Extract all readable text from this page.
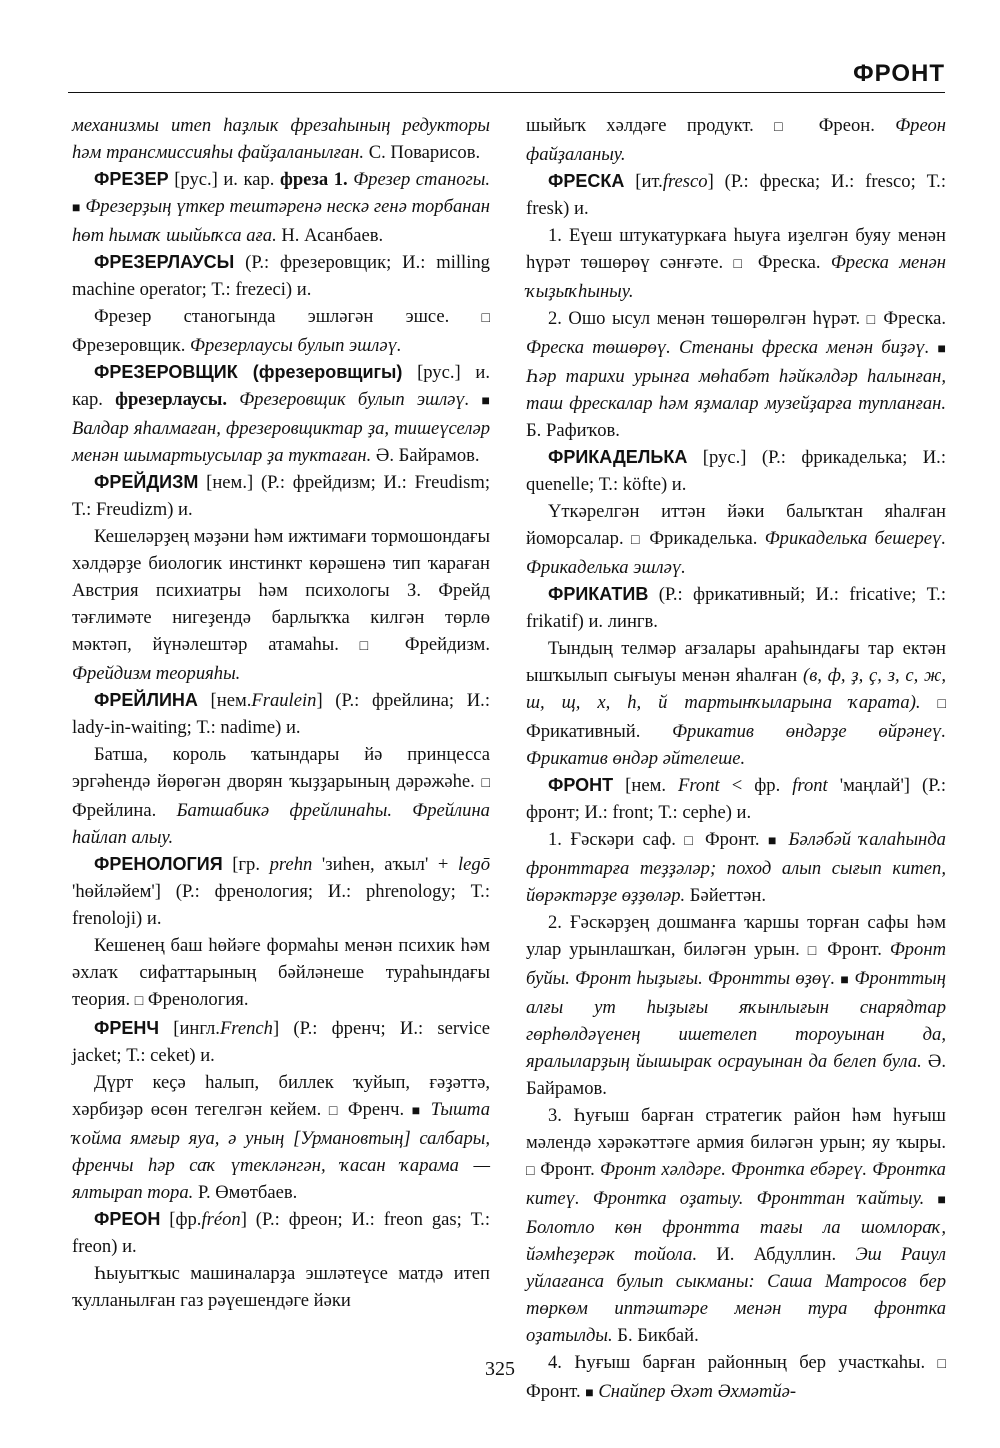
ФРОНТ

механизмы итеп һаҙлык фрезаһының редукторы һәм трансмиссияһы файҙаланылған. С. Поварисов.

ФРЕЗЕР [рус.] и. кар. фреза 1. Фрезер станогы. ■ Фрезерҙың үткер тештәренә нескә генә торбанан һөт һымаҡ шыйыҡса аға. Н. Асанбаев.

ФРЕЗЕРЛАУСЫ (Р.: фрезеровщик; И.: milling machine operator; Т.: frezeci) и.

Фрезер станогында эшләгән эшсе. □ Фрезеровщик. Фрезерлаусы булып эшләү.

ФРЕЗЕРОВЩИК (фрезеровщигы) [рус.] и. кар. фрезерлаусы. Фрезеровщик булып эшләү. ■ Валдар яһалмаған, фрезеровщиктар ҙа, тишеүселәр менән шымартыусылар ҙа туктаған. Ә. Байрамов.

ФРЕЙДИЗМ [нем.] (Р.: фрейдизм; И.: Freudism; Т.: Freudizm) и.

Кешеләрҙең мәҙәни һәм ижтимағи тормошондағы хәлдәрҙе биологик инстинкт көрәшенә тип ҡараған Австрия психиатры һәм психологы З. Фрейд тәғлимәте нигеҙендә барлыҡҡа килгән төрлө мәктәп, йүнәлештәр атамаһы. □ Фрейдизм. Фрейдизм теорияһы.

ФРЕЙЛИНА [нем.Fraulein] (Р.: фрейлина; И.: lady-in-waiting; Т.: nadime) и.

Батша, король ҡатындары йә принцесса эргәһендә йөрөгән дворян ҡыҙҙарының дәрәжәһе. □ Фрейлина. Батшабикә фрейлинаһы. Фрейлина һайлап алыу.

ФРЕНОЛОГИЯ [гр. prehn 'зиһен, аҡыл' + legō 'һөйләйем'] (Р.: френология; И.: phrenology; Т.: frenoloji) и.

Кешенең баш һөйәге формаһы менән психик һәм әхлаҡ сифаттарының бәйләнеше тураһындағы теория. □ Френология.

ФРЕНЧ [ингл.French] (Р.: френч; И.: service jacket; Т.: ceket) и.

Дүрт кеҫә һалып, биллек ҡуйып, ғәҙәттә, хәрбиҙәр өсөн тегелгән кейем. □ Френч. ■ Тышта ҡойма ямғыр яуа, ә уның [Урмановтың] салбары, френчы һәр саҡ үтекләнгән, ҡасан ҡарама — ялтырап тора. Р. Өмөтбаев.

ФРЕОН [фр.fréon] (Р.: фреон; И.: freon gas; Т.: freon) и.

Һыуытҡыс машиналарҙа эшләтеүсе матдә итеп ҡулланылған газ рәүешендәге йәки

шыйыҡ хәлдәге продукт. □ Фреон. Фреон файҙаланыу.

ФРЕСКА [ит.fresco] (Р.: фреска; И.: fresco; Т.: fresk) и.

1. Еүеш штукатуркаға һыуға иҙелгән буяу менән һүрәт төшөрөү сәнғәте. □ Фреска. Фреска менән ҡыҙыҡһыныу.

2. Ошо ысул менән төшөрөлгән һүрәт. □ Фреска. Фреска төшөрөү. Стенаны фреска менән биҙәү. ■ Һәр тарихи урынға мөһабәт һәйкәлдәр һалынған, таш фрескалар һәм яҙмалар музейҙарға тупланған. Б. Рафиҡов.

ФРИКАДЕЛЬКА [рус.] (Р.: фрикаделька; И.: quenelle; Т.: köfte) и.

Үткәрелгән иттән йәки балыҡтан яһалған йоморсалар. □ Фрикаделька. Фрикаделька бешереү. Фрикаделька эшләү.

ФРИКАТИВ (Р.: фрикативный; И.: fricative; Т.: frikatif) и. лингв.

Тындың телмәр ағзалары араһындағы тар ектән ышҡылып сығыуы менән яһалған (в, ф, ҙ, ҫ, з, с, ж, ш, щ, х, һ, й тартынҡыларына ҡарата). □ Фрикативный. Фрикатив өндәрҙе өйрәнеү. Фрикатив өндәр әйтелеше.

ФРОНТ [нем. Front < фр. front 'маңлай'] (Р.: фронт; И.: front; Т.: cephe) и.

1. Ғәскәри саф. □ Фронт. ■ Бәләбәй ҡалаһында фронттарға теҙҙәләр; поход алып сығып китеп, йөрәктәрҙе өҙҙөләр. Бәйеттән.

2. Ғәскәрҙең дошманға ҡаршы торған сафы һәм улар урынлашҡан, биләгән урын. □ Фронт. Фронт буйы. Фронт һыҙығы. Фронтты өҙөү. ■ Фронттың алғы ут һыҙығы яҡынлығын снарядтар гөрһөлдәүенең ишетелеп тороуынан да, яралыларҙың йышырак осрауынан да белеп була. Ә. Байрамов.

3. Һуғыш барған стратегик район һәм һуғыш мәлендә хәрәкәттәге армия биләгән урын; яу ҡыры. □ Фронт. Фронт хәлдәре. Фронтка ебәреү. Фронтка китеү. Фронтка оҙатыу. Фронттан ҡайтыу. ■ Болотло көн фронтта тағы ла шомлораҡ, йәмһеҙерәк тойола. И. Абдуллин. Эш Раиул уйлағанса булып сыкманы: Саша Матросов бер төркөм иптәштәре менән тура фронтка оҙатылды. Б. Бикбай.

4. Һуғыш барған районның бер участкаһы. □ Фронт. ■ Снайпер Әхәт Әхмәтйә-

325
